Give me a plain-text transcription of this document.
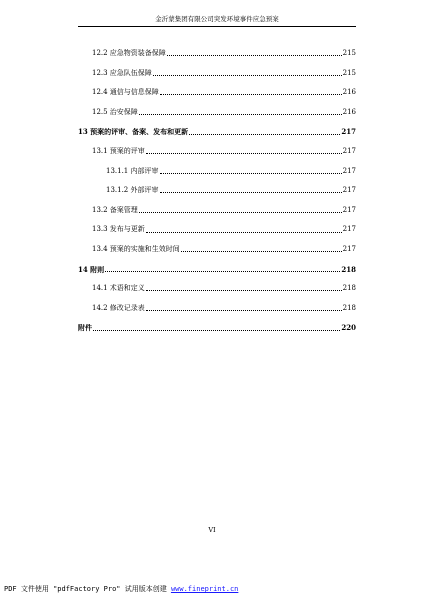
金沂蒙集团有限公司突发环境事件应急预案
12.2 应急物资装备保障	215
12.3 应急队伍保障	215
12.4 通信与信息保障	216
12.5 治安保障	216
13 预案的评审、备案、发布和更新	217
13.1 预案的评审	217
13.1.1 内部评审	217
13.1.2 外部评审	217
13.2 备案管理	217
13.3 发布与更新	217
13.4 预案的实施和生效时间	217
14 附则	218
14.1 术语和定义	218
14.2 修改记录表	218
附件	220
VI
PDF 文件使用 "pdfFactory Pro" 试用版本创建 www.fineprint.cn
